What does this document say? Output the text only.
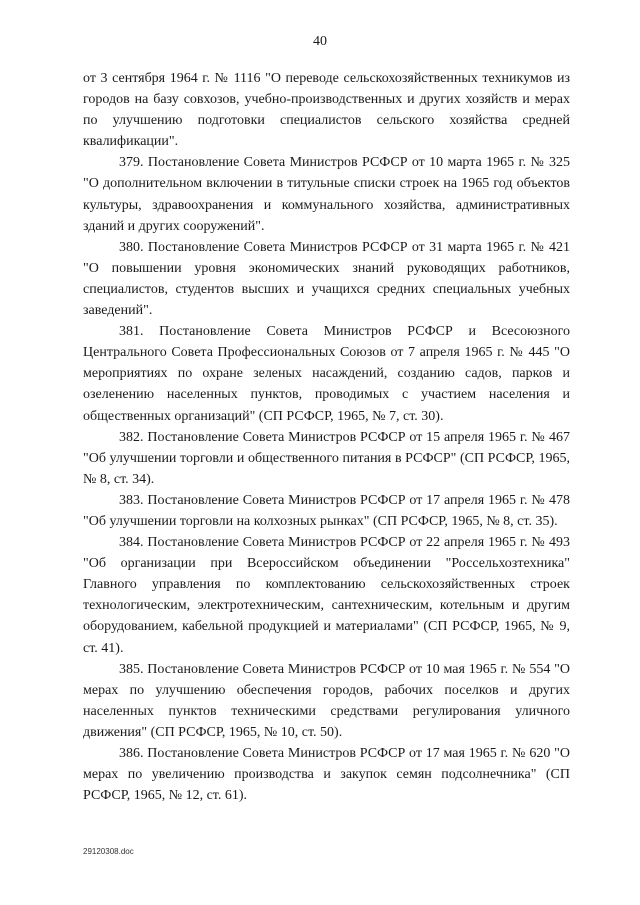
40

от 3 сентября 1964 г. № 1116 "О переводе сельскохозяйственных техникумов из городов на базу совхозов, учебно-производственных и других хозяйств и мерах по улучшению подготовки специалистов сельского хозяйства средней квалификации".

379. Постановление Совета Министров РСФСР от 10 марта 1965 г. № 325 "О дополнительном включении в титульные списки строек на 1965 год объектов культуры, здравоохранения и коммунального хозяйства, административных зданий и других сооружений".

380. Постановление Совета Министров РСФСР от 31 марта 1965 г. № 421 "О повышении уровня экономических знаний руководящих работников, специалистов, студентов высших и учащихся средних специальных учебных заведений".

381. Постановление Совета Министров РСФСР и Всесоюзного Центрального Совета Профессиональных Союзов от 7 апреля 1965 г. № 445 "О мероприятиях по охране зеленых насаждений, созданию садов, парков и озеленению населенных пунктов, проводимых с участием населения и общественных организаций" (СП РСФСР, 1965, № 7, ст. 30).

382. Постановление Совета Министров РСФСР от 15 апреля 1965 г. № 467 "Об улучшении торговли и общественного питания в РСФСР" (СП РСФСР, 1965, № 8, ст. 34).

383. Постановление Совета Министров РСФСР от 17 апреля 1965 г. № 478 "Об улучшении торговли на колхозных рынках" (СП РСФСР, 1965, № 8, ст. 35).

384. Постановление Совета Министров РСФСР от 22 апреля 1965 г. № 493 "Об организации при Всероссийском объединении "Россельхозтехника" Главного управления по комплектованию сельскохозяйственных строек технологическим, электротехническим, сантехническим, котельным и другим оборудованием, кабельной продукцией и материалами" (СП РСФСР, 1965, № 9, ст. 41).

385. Постановление Совета Министров РСФСР от 10 мая 1965 г. № 554 "О мерах по улучшению обеспечения городов, рабочих поселков и других населенных пунктов техническими средствами регулирования уличного движения" (СП РСФСР, 1965, № 10, ст. 50).

386. Постановление Совета Министров РСФСР от 17 мая 1965 г. № 620 "О мерах по увеличению производства и закупок семян подсолнечника" (СП РСФСР, 1965, № 12, ст. 61).

29120308.doc
